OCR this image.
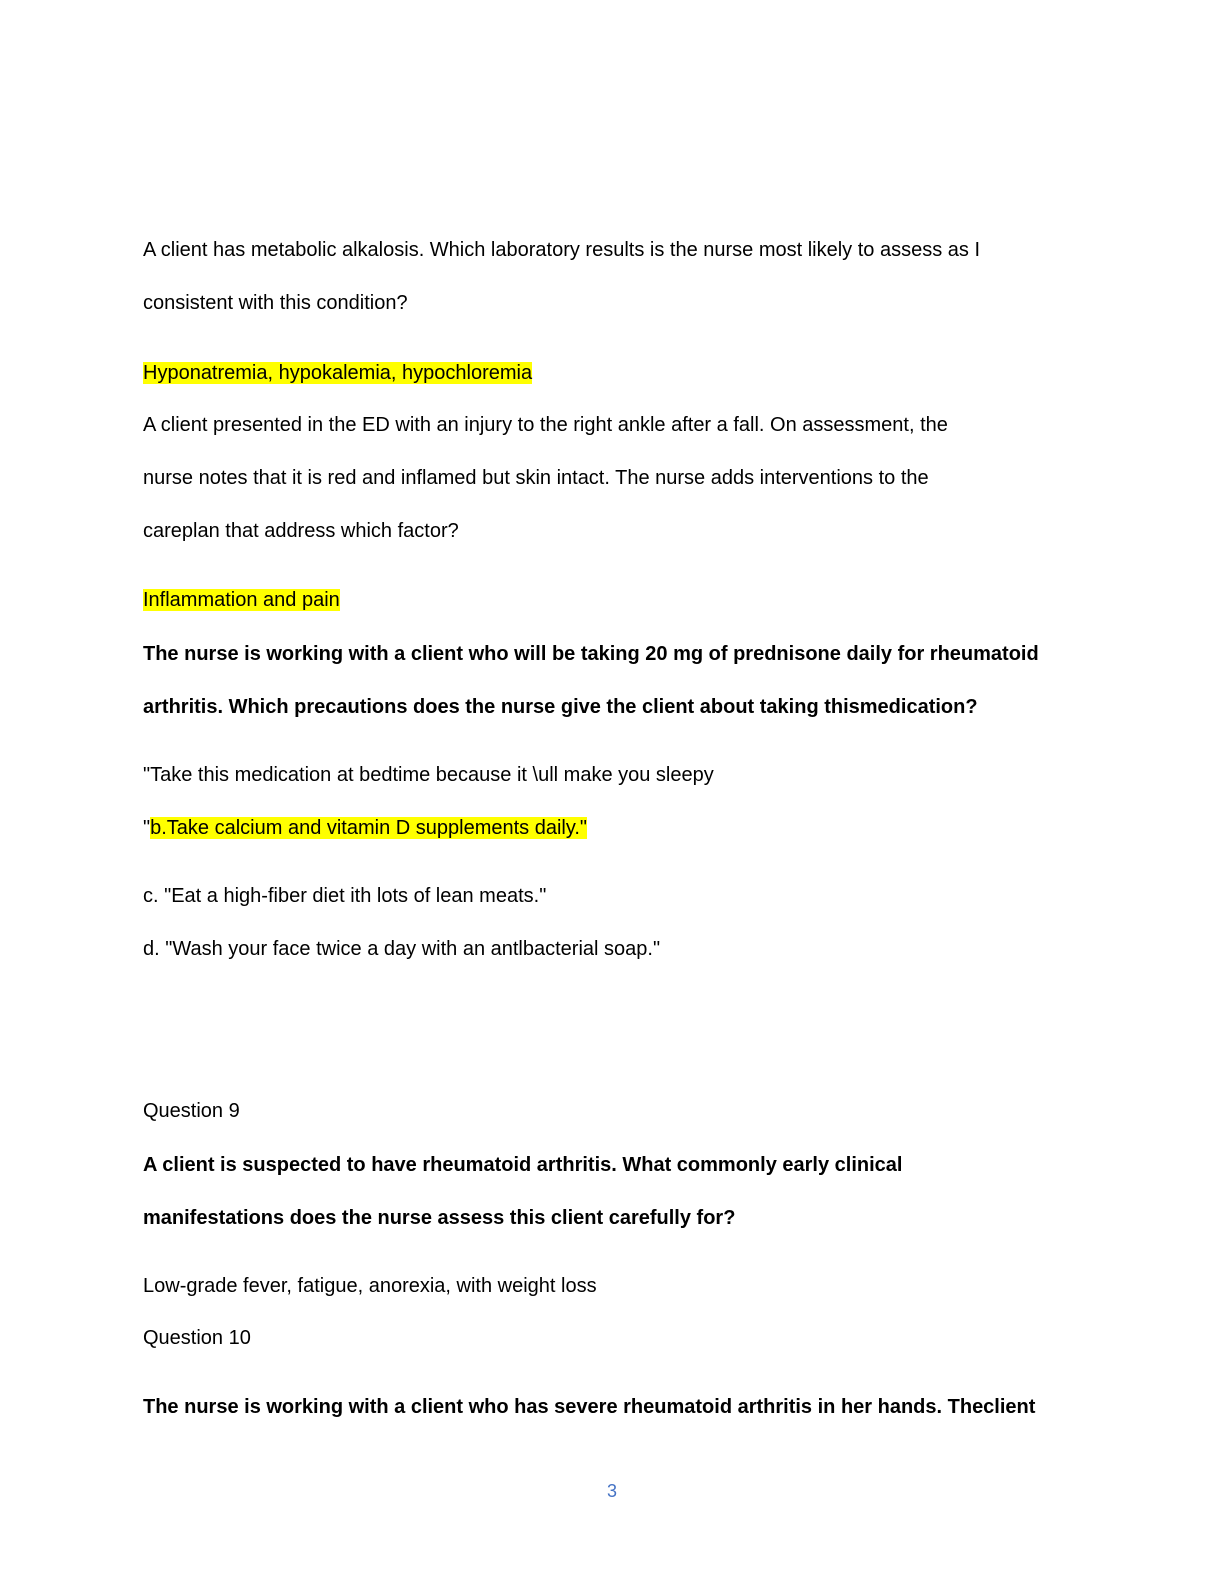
A client has metabolic alkalosis. Which laboratory results is the nurse most likely to assess as I
consistent with this condition?
Hyponatremia, hypokalemia, hypochloremia
A client presented in the ED with an injury to the right ankle after a fall. On assessment, the
nurse notes that it is red and inflamed but skin intact. The nurse adds interventions to the
careplan that address which factor?
Inflammation and pain
The nurse is working with a client who will be taking 20 mg of prednisone daily for rheumatoid
arthritis. Which precautions does the nurse give the client about taking thismedication?
"Take this medication at bedtime because it \ull make you sleepy
"b.Take calcium and vitamin D supplements daily."
c. "Eat a high-fiber diet ith lots of lean meats."
d. "Wash your face twice a day with an antlbacterial soap."
Question 9
A client is suspected to have rheumatoid arthritis. What commonly early clinical
manifestations does the nurse assess this client carefully for?
Low-grade fever, fatigue, anorexia, with weight loss
Question 10
The nurse is working with a client who has severe rheumatoid arthritis in her hands. Theclient
3
